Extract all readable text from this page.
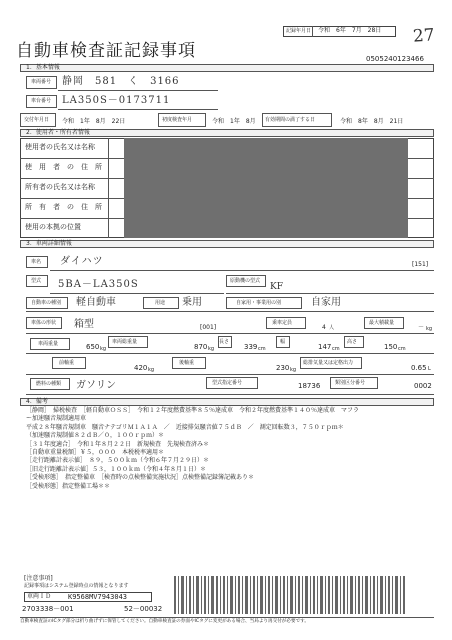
記録年月日 令和　6年　7月　28日 27
自動車検査証記録事項	0505240123466
1．基本情報
車両番号 静岡　581　く　3166
車台番号 LA350S－0173711
交付年月日 令和　1年　8月　22日	初度検査年月	令和　1年　8月 有効期間の満了する日	令和　8年　8月　21日
2．使用者・所有者情報
使用者の氏名又は名称
使　用　者　の　住　所
所有者の氏名又は名称
所　有　者　の　住　所
使用の本拠の位置
3．車両詳細情報
車名 ダイハツ	[151]
型式 5BA－LA350S	原動機の型式
KF
自動車の種別 軽自動車	用途 乗用	自家用・事業用の別	自家用
車体の形状 箱型	[001]
乗車定員
4 人
最大積載量
－ kg
車両重量	650 kg
車両総重量
870 kg
長さ
339 cm
幅
147 cm
高さ
150 cm
前軸重
420 kg
後軸重
230 kg
総排気量又は定格出力
0.65 L
燃料の種類 ガソリン	型式指定番号	18736	類別区分番号	0002
4．備考
［静岡］　掃税検査　［軽自動車ＯＳＳ］　令和１２年度燃費基準８５％達成車　令和２年度燃費基準１４０％達成車　マフラ
ー加速騒音規制適用車
平成２８年騒音規制車　騒音ナテゴリＭ１Ａ１Ａ　／　近接排気騒音値７５ｄＢ　／　測定回転数３，７５０ｒｐｍ＊
（加速騒音規制値８２ｄＢ／０，１００ｒｐｍ）＊
［３１年度適合］　令和１年８月２２日　新規検査　先規検査済み＊
［自動車重量税額］￥５，０００　本税税率適用＊
［走行距離計表示値］　８９，５００ｋｍ（令和６年７月２９日）＊
［旧走行距離計表示値］５３，１００ｋｍ（令和４年８月１日）＊
［受検形態］　指定整備車　［検査時の点検整備実施状況］点検整備記録簿記載あり＊
［受検形態］指定整備工場＊＊
[注意事項]
記録事項はシステム登録時点の情報となります
車両ＩＤ K9568MV7943043
2703338－001	52－00032
自動車検査証のICタグ部分は折り曲げずに保管してください。自動車検査証の券面やICタグに変更がある場合、当局より再交付が必要です。
